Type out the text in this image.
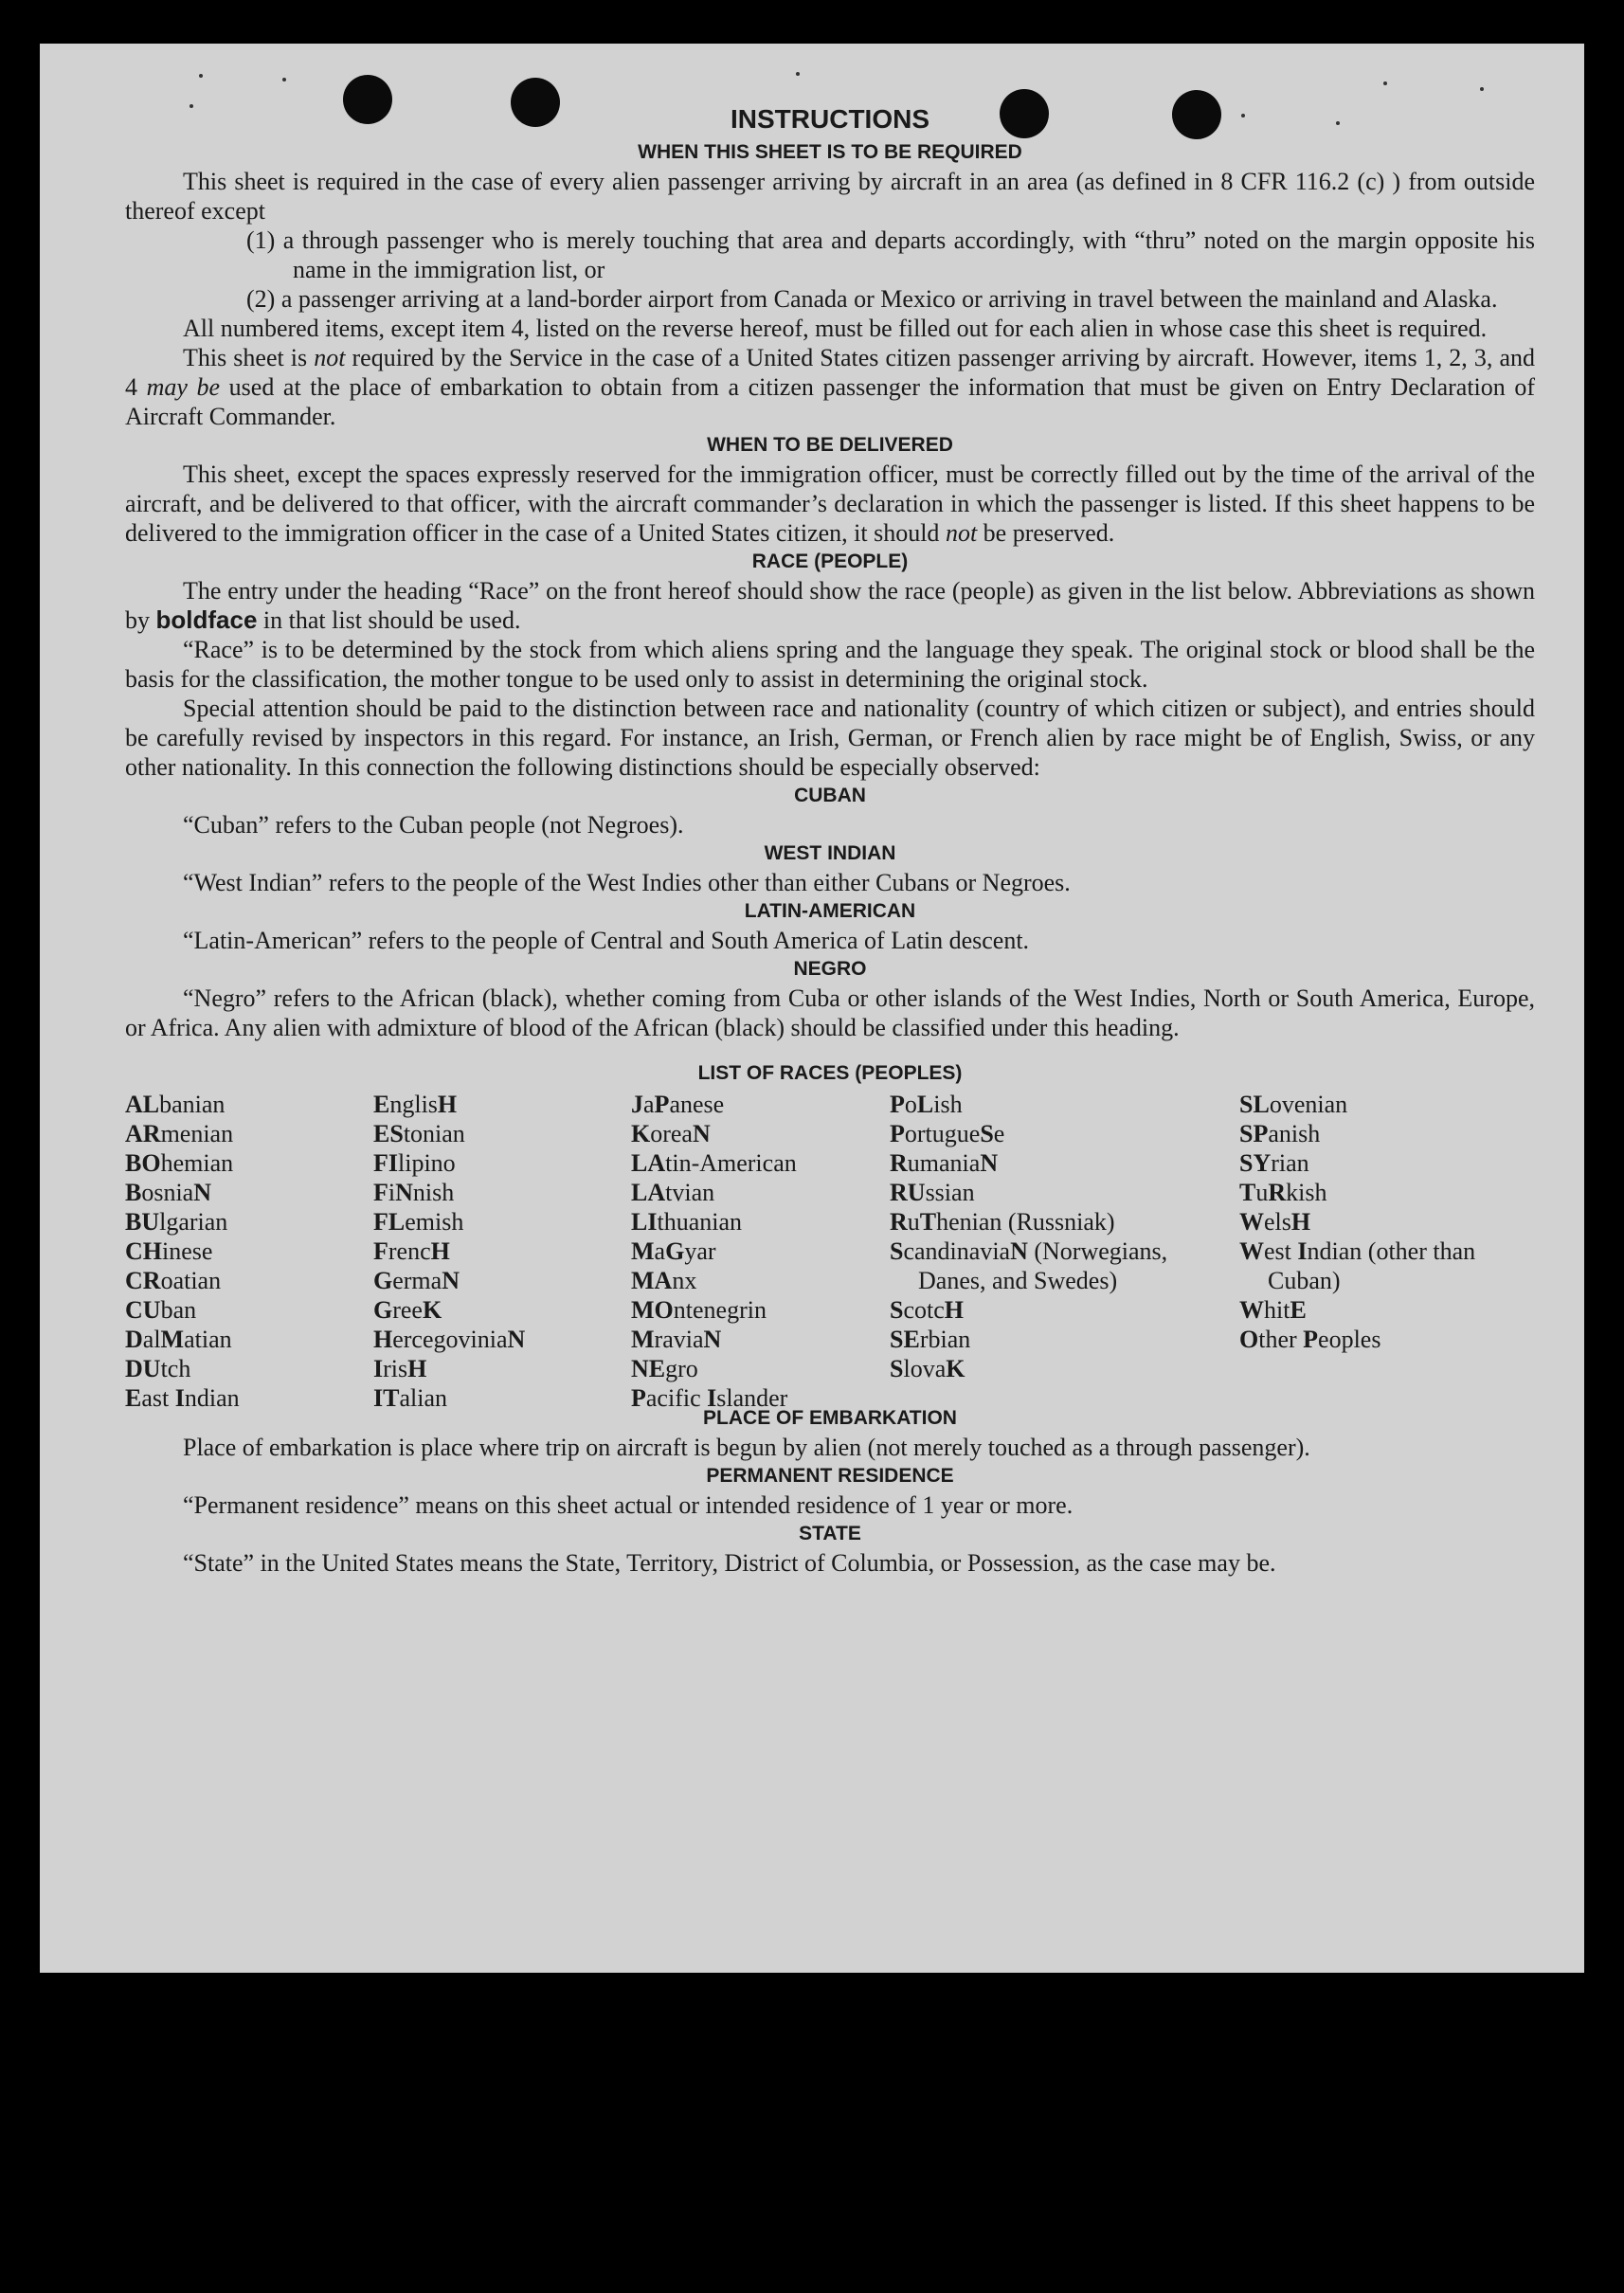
INSTRUCTIONS
WHEN THIS SHEET IS TO BE REQUIRED

This sheet is required in the case of every alien passenger arriving by aircraft in an area (as defined in 8 CFR 116.2 (c) ) from outside thereof except

(1) a through passenger who is merely touching that area and departs accordingly, with “thru” noted on the margin opposite his name in the immigration list, or

(2) a passenger arriving at a land-border airport from Canada or Mexico or arriving in travel between the mainland and Alaska.

All numbered items, except item 4, listed on the reverse hereof, must be filled out for each alien in whose case this sheet is required.

This sheet is not required by the Service in the case of a United States citizen passenger arriving by aircraft. However, items 1, 2, 3, and 4 may be used at the place of embarkation to obtain from a citizen passenger the information that must be given on Entry Declaration of Aircraft Commander.

WHEN TO BE DELIVERED

This sheet, except the spaces expressly reserved for the immigration officer, must be correctly filled out by the time of the arrival of the aircraft, and be delivered to that officer, with the aircraft commander’s declaration in which the passenger is listed. If this sheet happens to be delivered to the immigration officer in the case of a United States citizen, it should not be preserved.

RACE (PEOPLE)

The entry under the heading “Race” on the front hereof should show the race (people) as given in the list below. Abbreviations as shown by boldface in that list should be used.

“Race” is to be determined by the stock from which aliens spring and the language they speak. The original stock or blood shall be the basis for the classification, the mother tongue to be used only to assist in determining the original stock.

Special attention should be paid to the distinction between race and nationality (country of which citizen or subject), and entries should be carefully revised by inspectors in this regard. For instance, an Irish, German, or French alien by race might be of English, Swiss, or any other nationality. In this connection the following distinctions should be especially observed:

CUBAN

“Cuban” refers to the Cuban people (not Negroes).

WEST INDIAN

“West Indian” refers to the people of the West Indies other than either Cubans or Negroes.

LATIN-AMERICAN

“Latin-American” refers to the people of Central and South America of Latin descent.

NEGRO

“Negro” refers to the African (black), whether coming from Cuba or other islands of the West Indies, North or South America, Europe, or Africa. Any alien with admixture of blood of the African (black) should be classified under this heading.

LIST OF RACES (PEOPLES)
ALbanian
ARmenian
BOhemian
BosniaN
BUlgarian
CHinese
CRoatian
CUban
DalMatian
DUtch
East Indian
EnglisH
EStonian
FIlipino
FiNnish
FLemish
FrencH
GermaN
GreeK
HercegoviniaN
IrisH
ITalian
JaPanese
KoreaN
LAtin-American
LAtvian
LIthuanian
MaGyar
MAnx
MOntenegrin
MraviaN
NEgro
Pacific Islander
PoLish
PortugueSe
RumaniaN
RUssian
RuThenian (Russniak)
ScandinaviaN (Norwegians, Danes, and Swedes)
ScotcH
SErbian
SlovaK
SLovenian
SPanish
SYrian
TuRkish
WelsH
West Indian (other than Cuban)
WhitE
Other Peoples
PLACE OF EMBARKATION

Place of embarkation is place where trip on aircraft is begun by alien (not merely touched as a through passenger).

PERMANENT RESIDENCE

“Permanent residence” means on this sheet actual or intended residence of 1 year or more.

STATE

“State” in the United States means the State, Territory, District of Columbia, or Possession, as the case may be.
